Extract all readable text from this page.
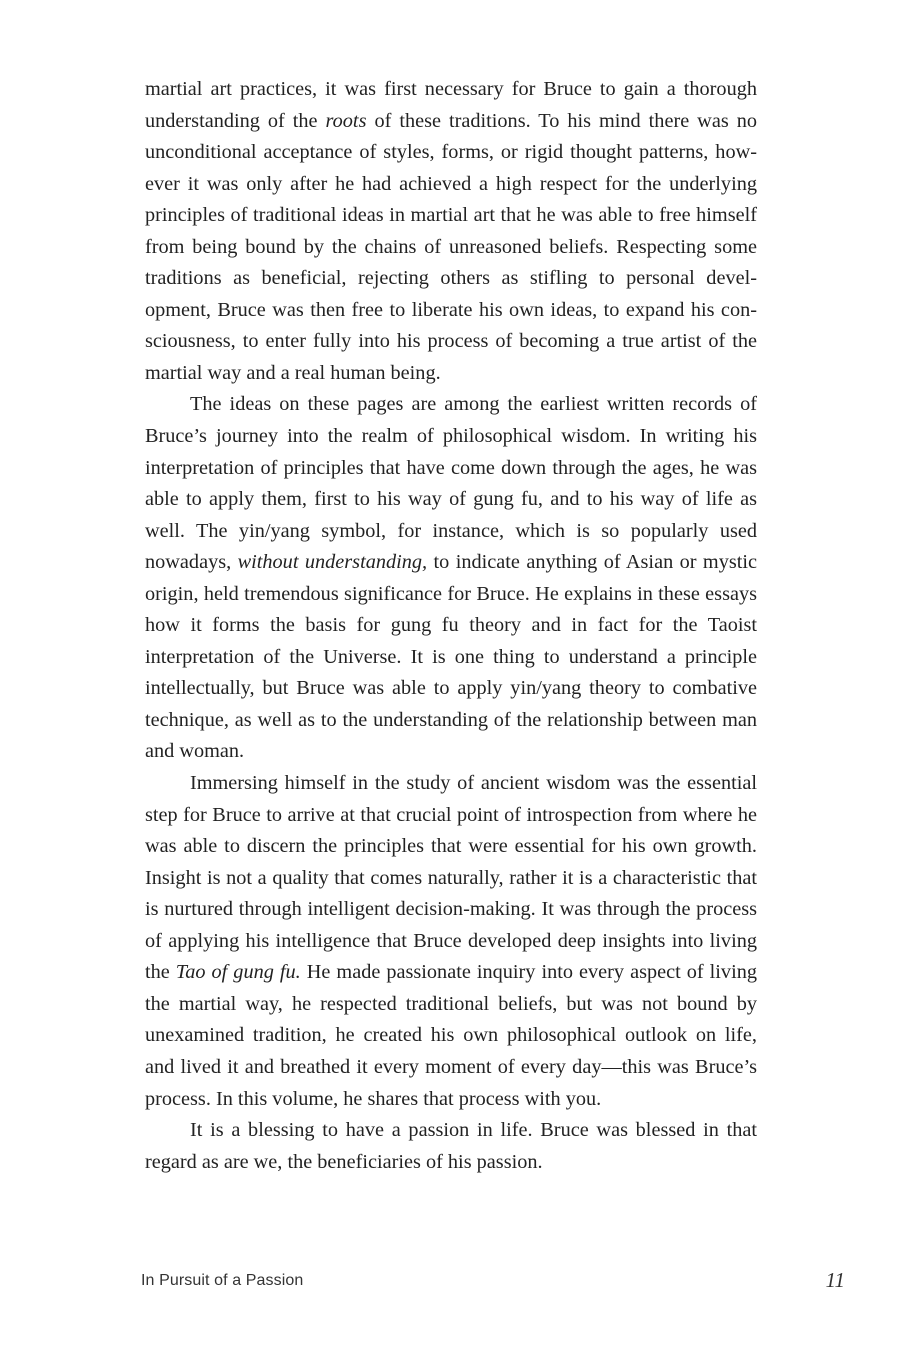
martial art practices, it was first necessary for Bruce to gain a thorough understanding of the roots of these traditions. To his mind there was no unconditional acceptance of styles, forms, or rigid thought patterns, however it was only after he had achieved a high respect for the underlying principles of traditional ideas in martial art that he was able to free himself from being bound by the chains of unreasoned beliefs. Respecting some traditions as beneficial, rejecting others as stifling to personal development, Bruce was then free to liberate his own ideas, to expand his consciousness, to enter fully into his process of becoming a true artist of the martial way and a real human being.

The ideas on these pages are among the earliest written records of Bruce’s journey into the realm of philosophical wisdom. In writing his interpretation of principles that have come down through the ages, he was able to apply them, first to his way of gung fu, and to his way of life as well. The yin/yang symbol, for instance, which is so popularly used nowadays, without understanding, to indicate anything of Asian or mystic origin, held tremendous significance for Bruce. He explains in these essays how it forms the basis for gung fu theory and in fact for the Taoist interpretation of the Universe. It is one thing to understand a principle intellectually, but Bruce was able to apply yin/yang theory to combative technique, as well as to the understanding of the relationship between man and woman.

Immersing himself in the study of ancient wisdom was the essential step for Bruce to arrive at that crucial point of introspection from where he was able to discern the principles that were essential for his own growth. Insight is not a quality that comes naturally, rather it is a characteristic that is nurtured through intelligent decision-making. It was through the process of applying his intelligence that Bruce developed deep insights into living the Tao of gung fu. He made passionate inquiry into every aspect of living the martial way, he respected traditional beliefs, but was not bound by unexamined tradition, he created his own philosophical outlook on life, and lived it and breathed it every moment of every day—this was Bruce’s process. In this volume, he shares that process with you.

It is a blessing to have a passion in life. Bruce was blessed in that regard as are we, the beneficiaries of his passion.

In Pursuit of a Passion	11
